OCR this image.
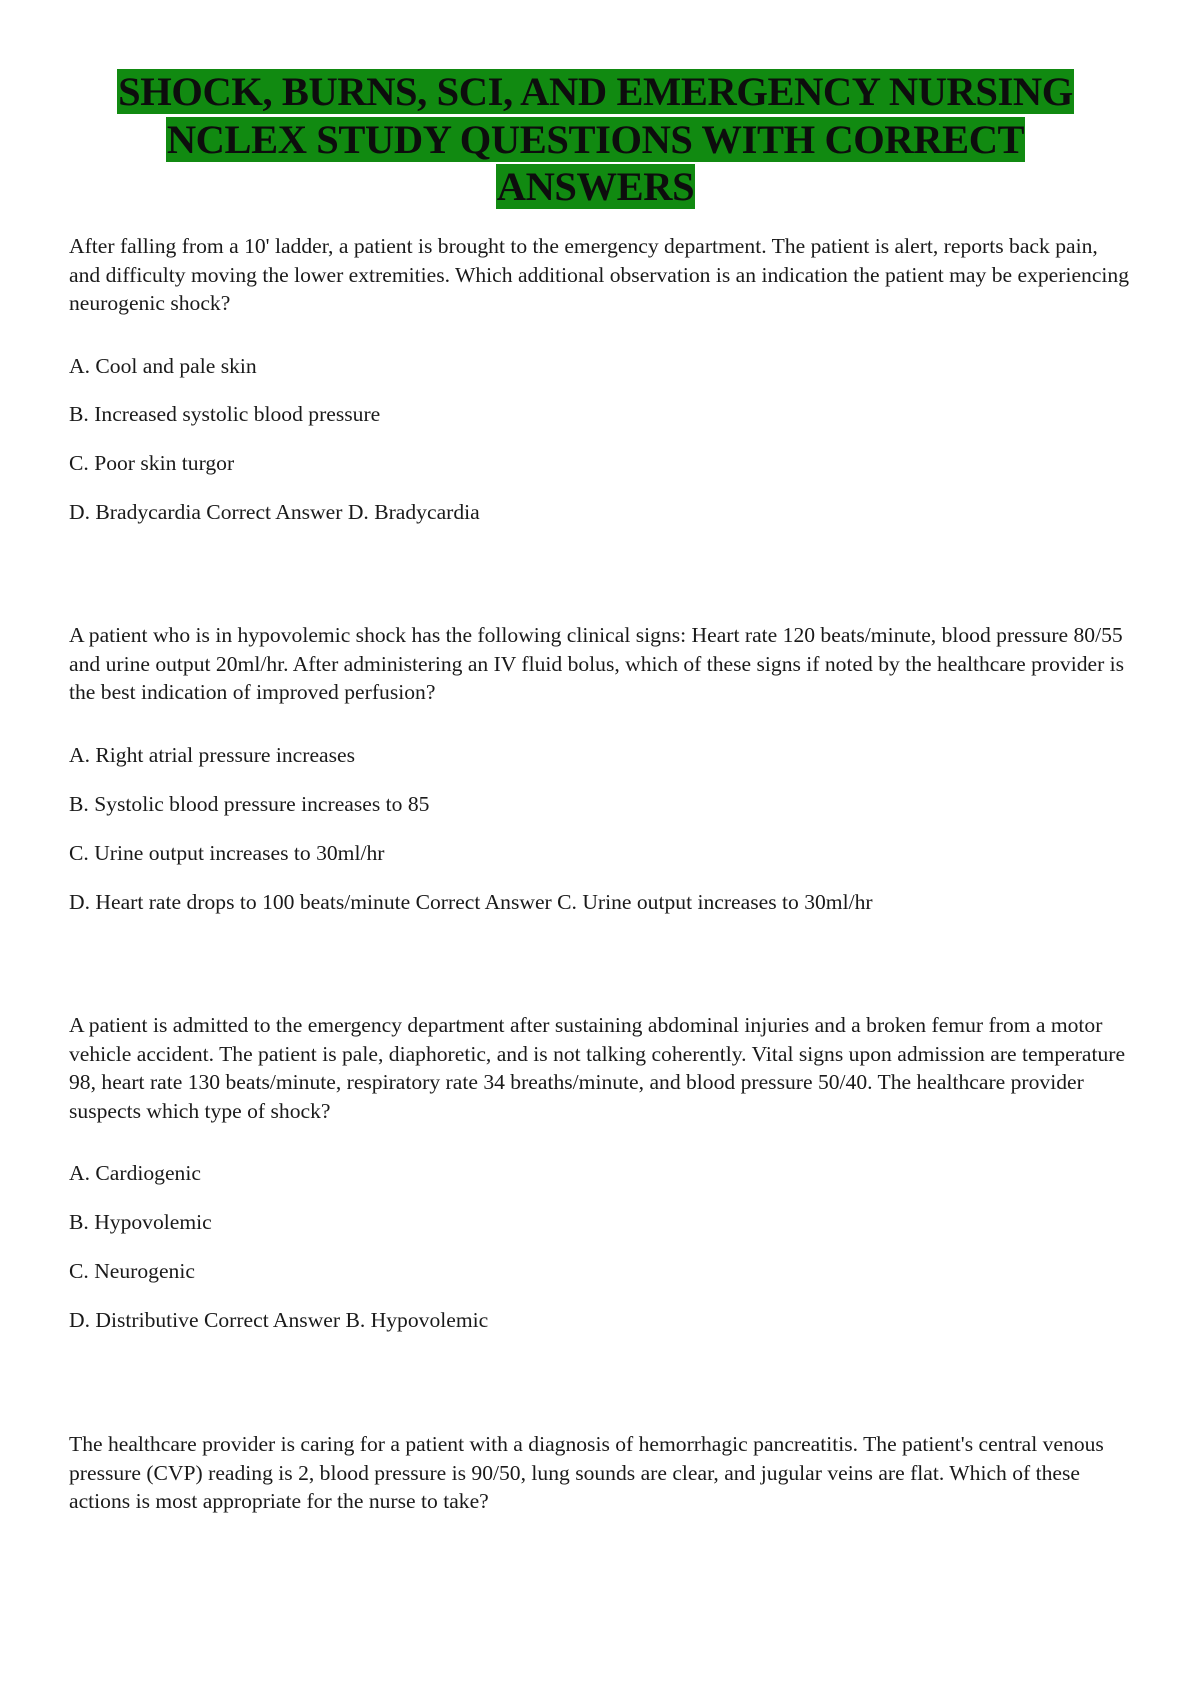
SHOCK, BURNS, SCI, AND EMERGENCY NURSING
NCLEX STUDY QUESTIONS WITH CORRECT
ANSWERS

After falling from a 10' ladder, a patient is brought to the emergency department. The patient is alert, reports back pain, and difficulty moving the lower extremities. Which additional observation is an indication the patient may be experiencing neurogenic shock?

A. Cool and pale skin

B. Increased systolic blood pressure

C. Poor skin turgor

D. Bradycardia Correct Answer D. Bradycardia

A patient who is in hypovolemic shock has the following clinical signs: Heart rate 120 beats/minute, blood pressure 80/55 and urine output 20ml/hr. After administering an IV fluid bolus, which of these signs if noted by the healthcare provider is the best indication of improved perfusion?

A. Right atrial pressure increases

B. Systolic blood pressure increases to 85

C. Urine output increases to 30ml/hr

D. Heart rate drops to 100 beats/minute Correct Answer C. Urine output increases to 30ml/hr

A patient is admitted to the emergency department after sustaining abdominal injuries and a broken femur from a motor vehicle accident. The patient is pale, diaphoretic, and is not talking coherently. Vital signs upon admission are temperature 98, heart rate 130 beats/minute, respiratory rate 34 breaths/minute, and blood pressure 50/40. The healthcare provider suspects which type of shock?

A. Cardiogenic

B. Hypovolemic

C. Neurogenic

D. Distributive Correct Answer B. Hypovolemic

The healthcare provider is caring for a patient with a diagnosis of hemorrhagic pancreatitis. The patient's central venous pressure (CVP) reading is 2, blood pressure is 90/50, lung sounds are clear, and jugular veins are flat. Which of these actions is most appropriate for the nurse to take?
